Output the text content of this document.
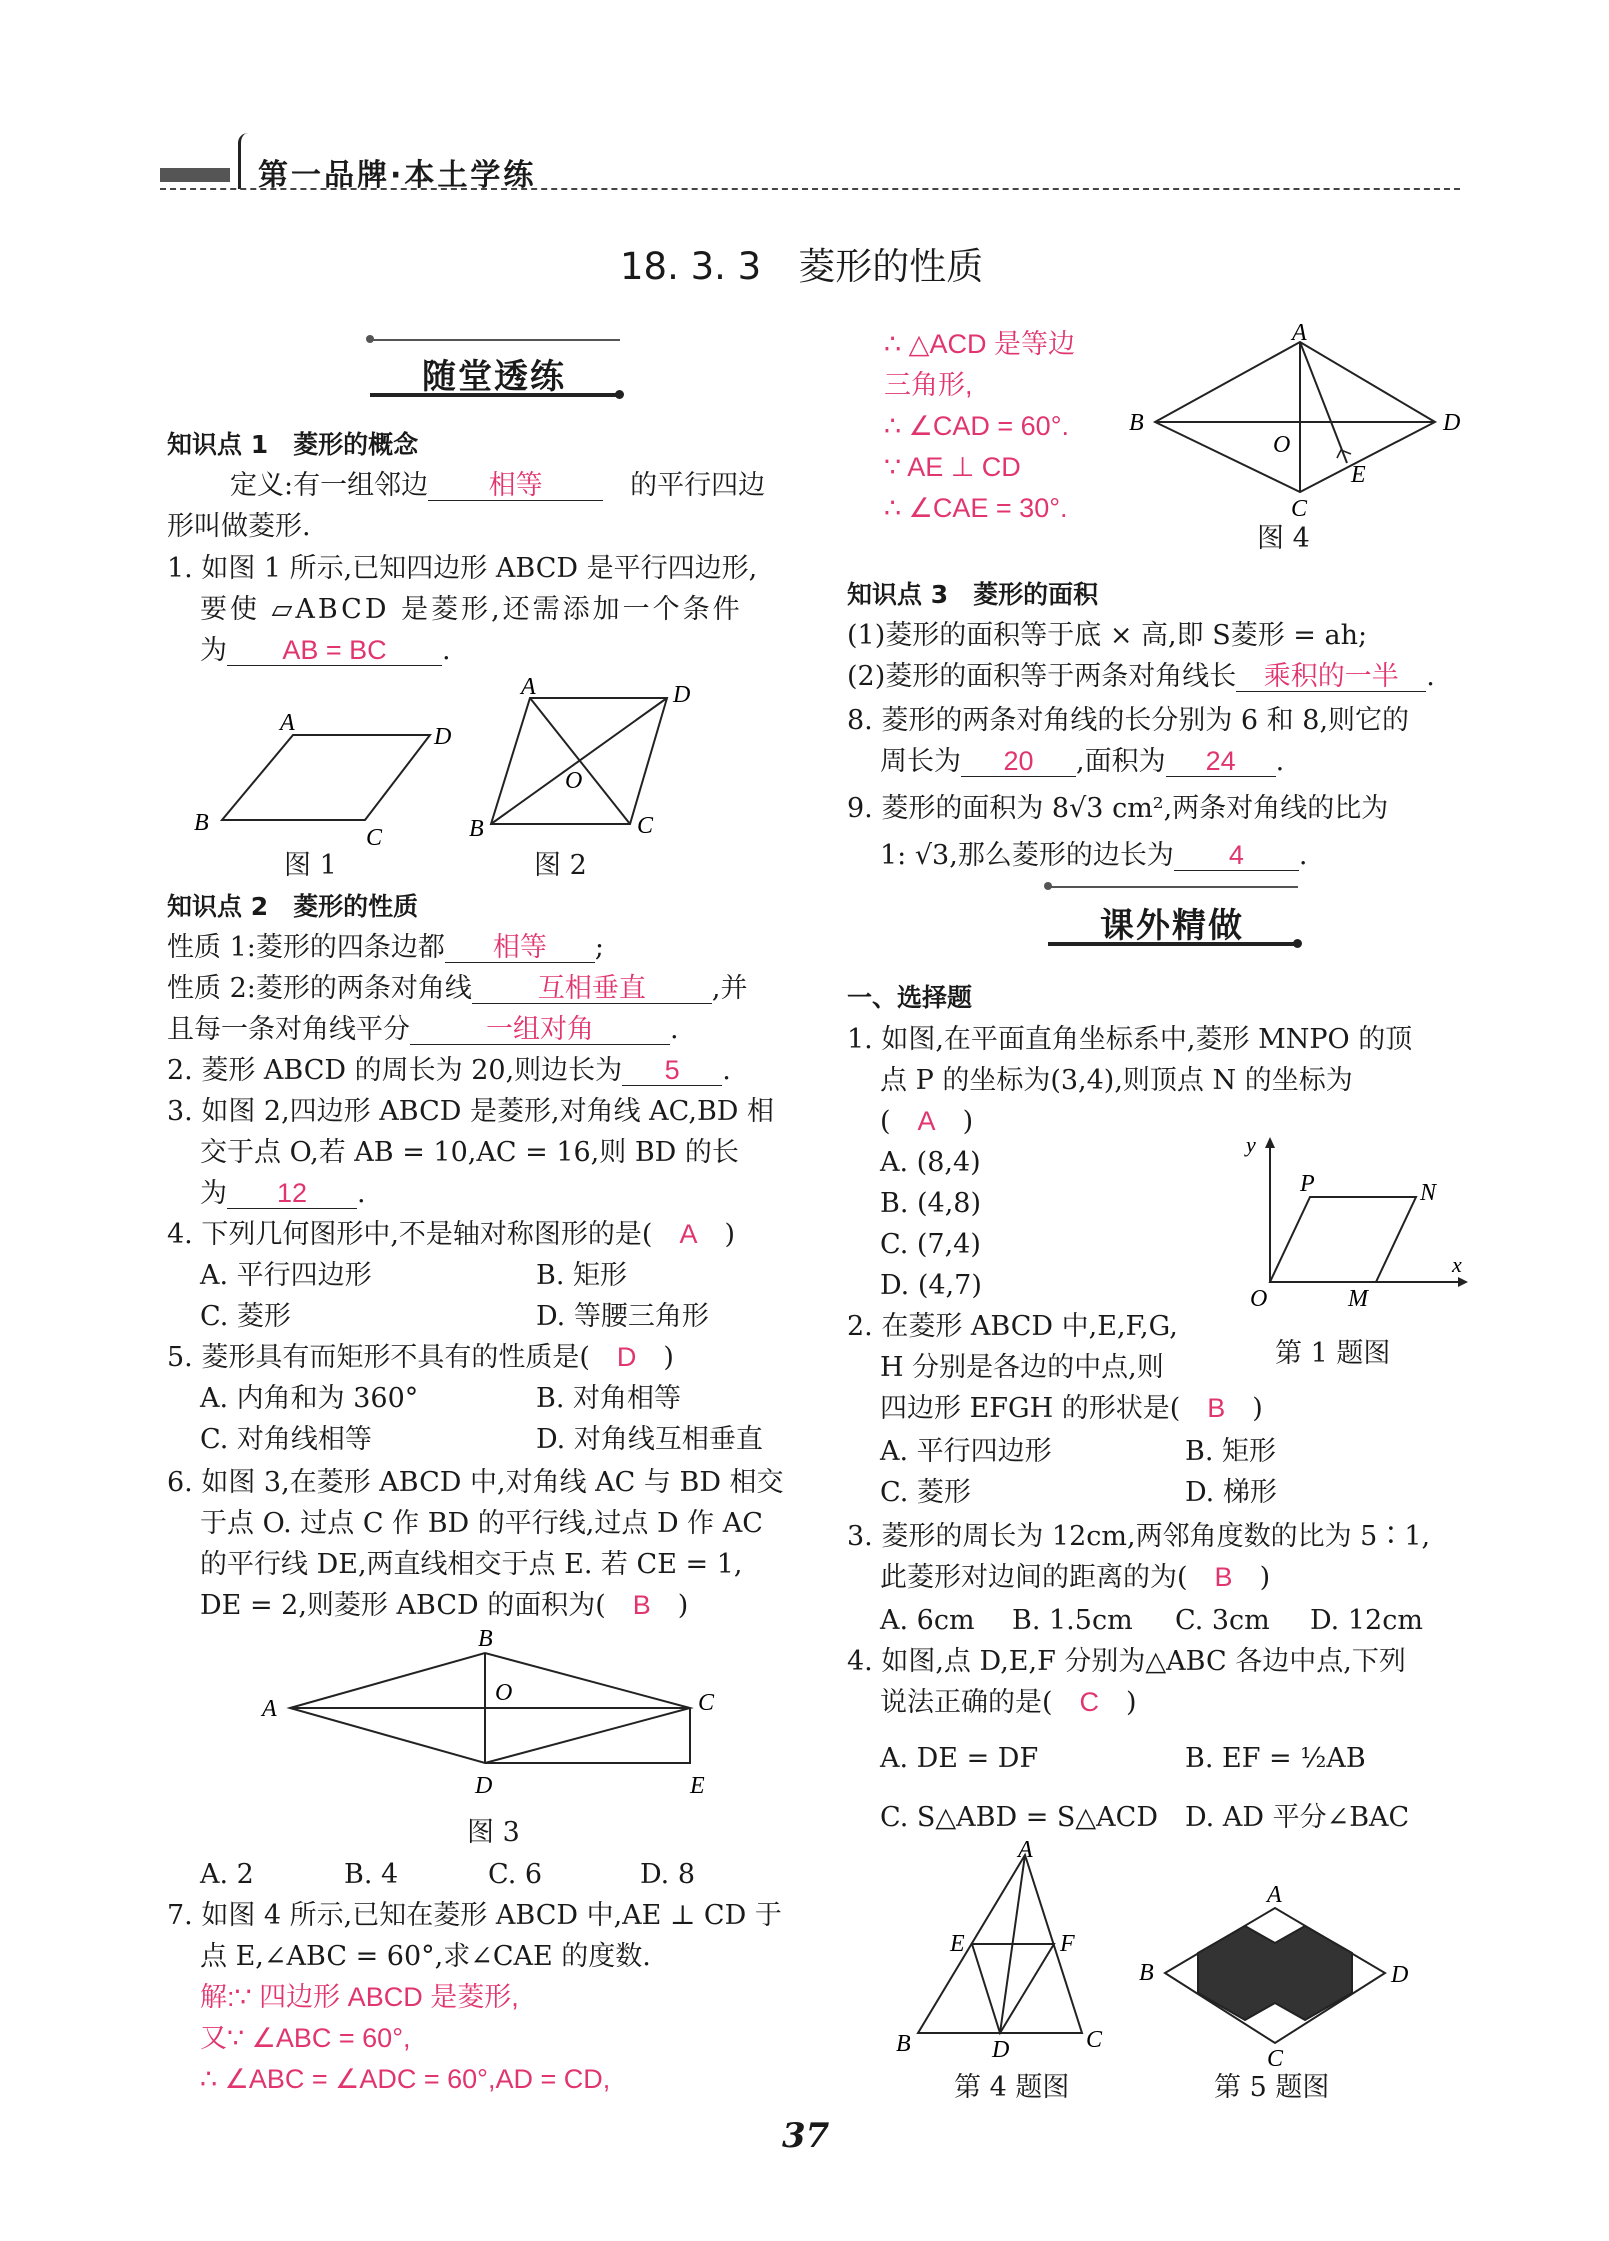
第一品牌·本土学练
18. 3. 3　菱形的性质
随堂透练
知识点 1　菱形的概念
定义:有一组邻边 相等　	的平行四边
形叫做菱形.
1. 如图 1 所示,已知四边形 ABCD 是平行四边形,
要使 ▱ABCD 是菱形,还需添加一个条件
为 AB = BC .
A
D
B
C
图 1
A	D
B	C
O
图 2
知识点 2　菱形的性质
性质 1:菱形的四条边都 相等 ;
性质 2:菱形的两条对角线 互相垂直 ,并
且每一条对角线平分	一组对角	.
2. 菱形 ABCD 的周长为 20,则边长为 5 .
3. 如图 2,四边形 ABCD 是菱形,对角线 AC,BD 相
交于点 O,若 AB = 10,AC = 16,则 BD 的长
为 12 .
4. 下列几何图形中,不是轴对称图形的是(　 A　 )
A. 平行四边形	B. 矩形
C. 菱形	D. 等腰三角形
5. 菱形具有而矩形不具有的性质是(　 D　 )
A. 内角和为 360°	B. 对角相等
C. 对角线相等	D. 对角线互相垂直
6. 如图 3,在菱形 ABCD 中,对角线 AC 与 BD 相交
于点 O. 过点 C 作 BD 的平行线,过点 D 作 AC
的平行线 DE,两直线相交于点 E. 若 CE = 1,
DE = 2,则菱形 ABCD 的面积为(　 B　 )
A
B
C
D	E
O
图 3
A. 2	B. 4	C. 6	D. 8
7. 如图 4 所示,已知在菱形 ABCD 中,AE ⊥ CD 于
点 E,∠ABC = 60°,求∠CAE 的度数.
解:∵ 四边形 ABCD 是菱形,
又∵ ∠ABC = 60°,
∴ ∠ABC = ∠ADC = 60°,AD = CD,
∴ △ACD 是等边
三角形,
∴ ∠CAD = 60°.
∵ AE ⊥ CD
∴ ∠CAE = 30°.
A
B	D
C
E
O
图 4
知识点 3　菱形的面积
(1)菱形的面积等于底 × 高,即 S菱形 = ah;
(2)菱形的面积等于两条对角线长 乘积的一半 .
8. 菱形的两条对角线的长分别为 6 和 8,则它的
周长为 20 ,面积为 24 .
9. 菱形的面积为 8√3 cm²,两条对角线的比为
1: √3,那么菱形的边长为 4 .
课外精做
一、选择题
1. 如图,在平面直角坐标系中,菱形 MNPO 的顶
点 P 的坐标为(3,4),则顶点 N 的坐标为
(　 A　 )
A. (8,4)
B. (4,8)
C. (7,4)
D. (4,7)
y
x
P	N
O	M
第 1 题图
2. 在菱形 ABCD 中,E,F,G,
H 分别是各边的中点,则
四边形 EFGH 的形状是(　 B　 )
A. 平行四边形	B. 矩形
C. 菱形	D. 梯形
3. 菱形的周长为 12cm,两邻角度数的比为 5∶1,
此菱形对边间的距离的为(　 B　 )
A. 6cm B. 1.5cm C. 3cm D. 12cm
4. 如图,点 D,E,F 分别为△ABC 各边中点,下列
说法正确的是(　 C　 )
A. DE = DF	B. EF = ½AB
C. S△ABD = S△ACD D. AD 平分∠BAC
A
E	F
B	C
D
第 4 题图
A
B	D
C
第 5 题图
37
